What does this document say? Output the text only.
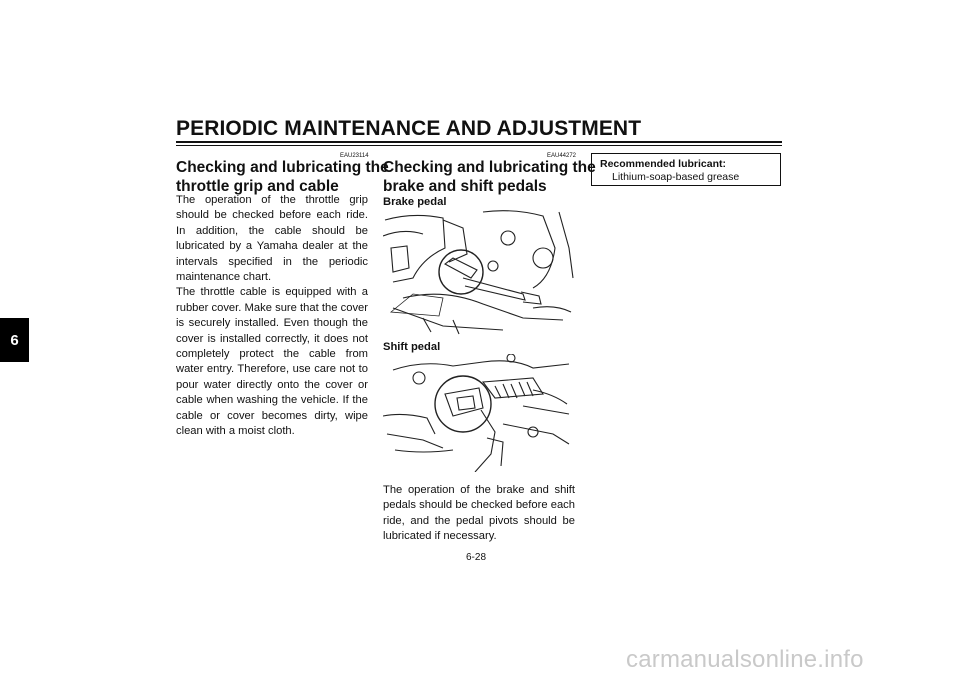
PERIODIC MAINTENANCE AND ADJUSTMENT
6
EAU23114
Checking and lubricating the
throttle grip and cable
The operation of the throttle grip should be checked before each ride. In addition, the cable should be lubricated by a Yamaha dealer at the intervals specified in the periodic maintenance chart.
The throttle cable is equipped with a rubber cover. Make sure that the cover is securely installed. Even though the cover is installed correctly, it does not completely protect the cable from water entry. Therefore, use care not to pour water directly onto the cover or cable when washing the vehicle. If the cable or cover becomes dirty, wipe clean with a moist cloth.
EAU44272
Checking and lubricating the
brake and shift pedals
Brake pedal
Shift pedal
The operation of the brake and shift pedals should be checked before each ride, and the pedal pivots should be lubricated if necessary.
Recommended lubricant:
Lithium-soap-based grease
6-28
carmanualsonline.info
